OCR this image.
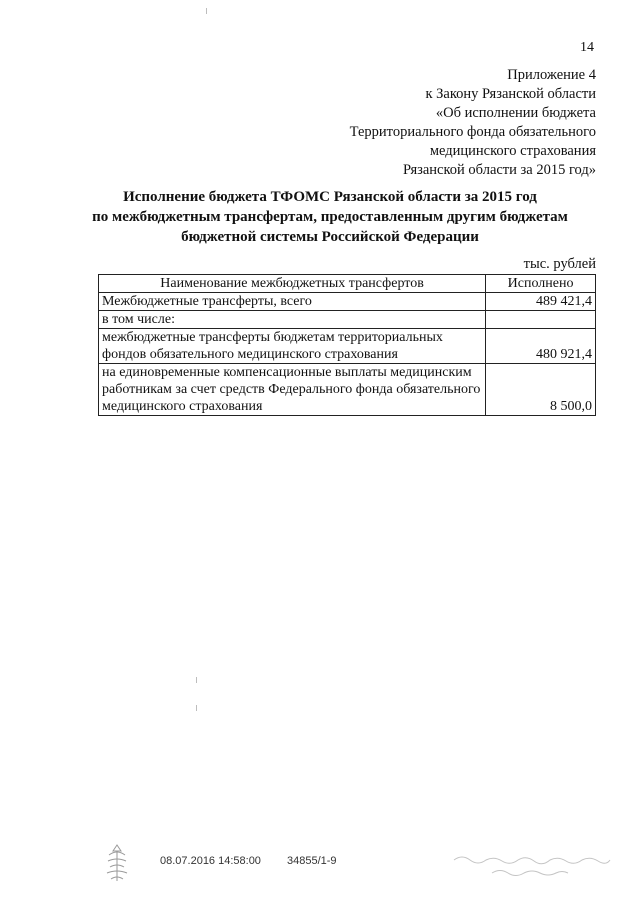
14
Приложение 4
к Закону Рязанской области
«Об исполнении бюджета
Территориального фонда обязательного
медицинского страхования
Рязанской области за 2015 год»
Исполнение бюджета ТФОМС Рязанской области за 2015 год
по межбюджетным трансфертам, предоставленным другим бюджетам
бюджетной системы Российской Федерации
тыс. рублей
Наименование межбюджетных трансфертов	Исполнено
Межбюджетные трансферты, всего	489 421,4
в том числе:	
межбюджетные трансферты бюджетам территориальных фондов обязательного медицинского страхования	480 921,4
на единовременные компенсационные выплаты медицинским работникам за счет средств Федерального фонда обязательного медицинского страхования	8 500,0
08.07.2016 14:58:00 34855/1-9
